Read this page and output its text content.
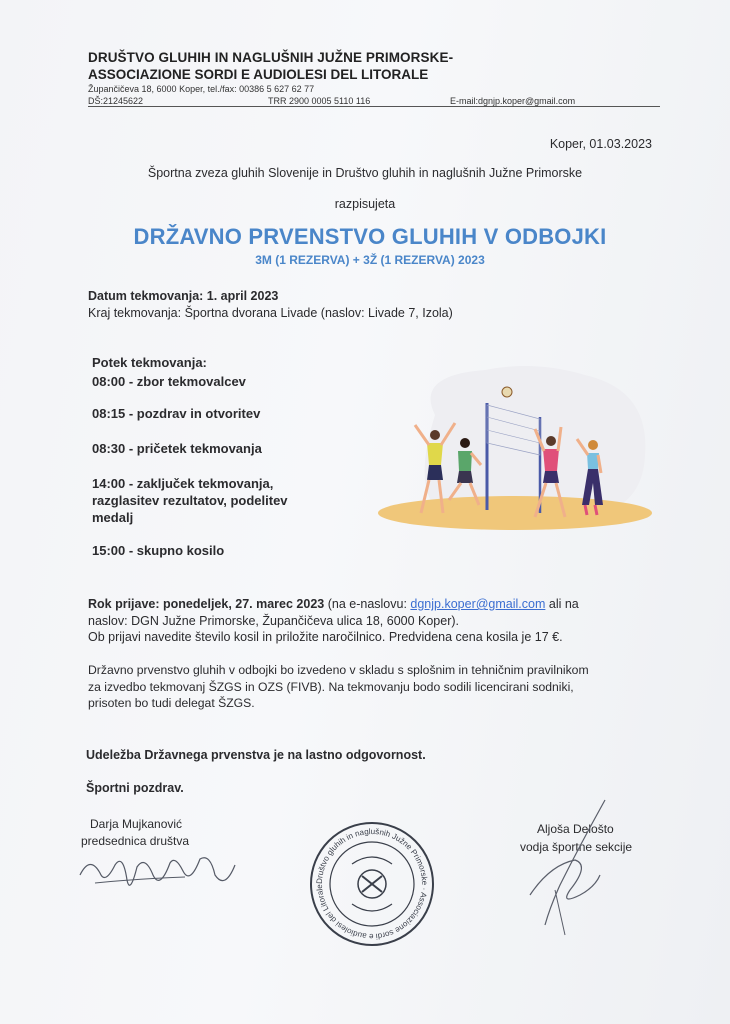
DRUŠTVO GLUHIH IN NAGLUŠNIH JUŽNE PRIMORSKE-
ASSOCIAZIONE SORDI E AUDIOLESI DEL LITORALE
Župančičeva 18, 6000 Koper, tel./fax: 00386 5 627 62 77
DŠ:21245622	TRR 2900 0005 5110 116	E-mail:dgnjp.koper@gmail.com
Koper, 01.03.2023
Športna zveza gluhih Slovenije in Društvo gluhih in naglušnih Južne Primorske
razpisujeta
DRŽAVNO PRVENSTVO GLUHIH V ODBOJKI
3M (1 REZERVA) + 3Ž (1 REZERVA) 2023
Datum tekmovanja: 1. april 2023
Kraj tekmovanja: Športna dvorana Livade (naslov: Livade 7, Izola)
Potek tekmovanja:
08:00 - zbor tekmovalcev
08:15 - pozdrav in otvoritev
08:30 - pričetek tekmovanja
14:00 - zaključek tekmovanja,
razglasitev rezultatov, podelitev
medalj
15:00 - skupno kosilo
Rok prijave: ponedeljek, 27. marec 2023 (na e-naslovu: dgnjp.koper@gmail.com ali na
naslov: DGN Južne Primorske, Župančičeva ulica 18, 6000 Koper).
Ob prijavi navedite število kosil in priložite naročilnico. Predvidena cena kosila je 17 €.
Državno prvenstvo gluhih v odbojki bo izvedeno v skladu s splošnim in tehničnim pravilnikom
za izvedbo tekmovanj ŠZGS in OZS (FIVB). Na tekmovanju bodo sodili licencirani sodniki,
prisoten bo tudi delegat ŠZGS.
Udeležba Državnega prvenstva je na lastno odgovornost.
Športni pozdrav.
Darja Mujkanović
predsednica društva
Aljoša Delošto
vodja športne sekcije
Društvo gluhih in naglušnih Južne Primorske · Associazione sordi e audiolesi del Litorale
